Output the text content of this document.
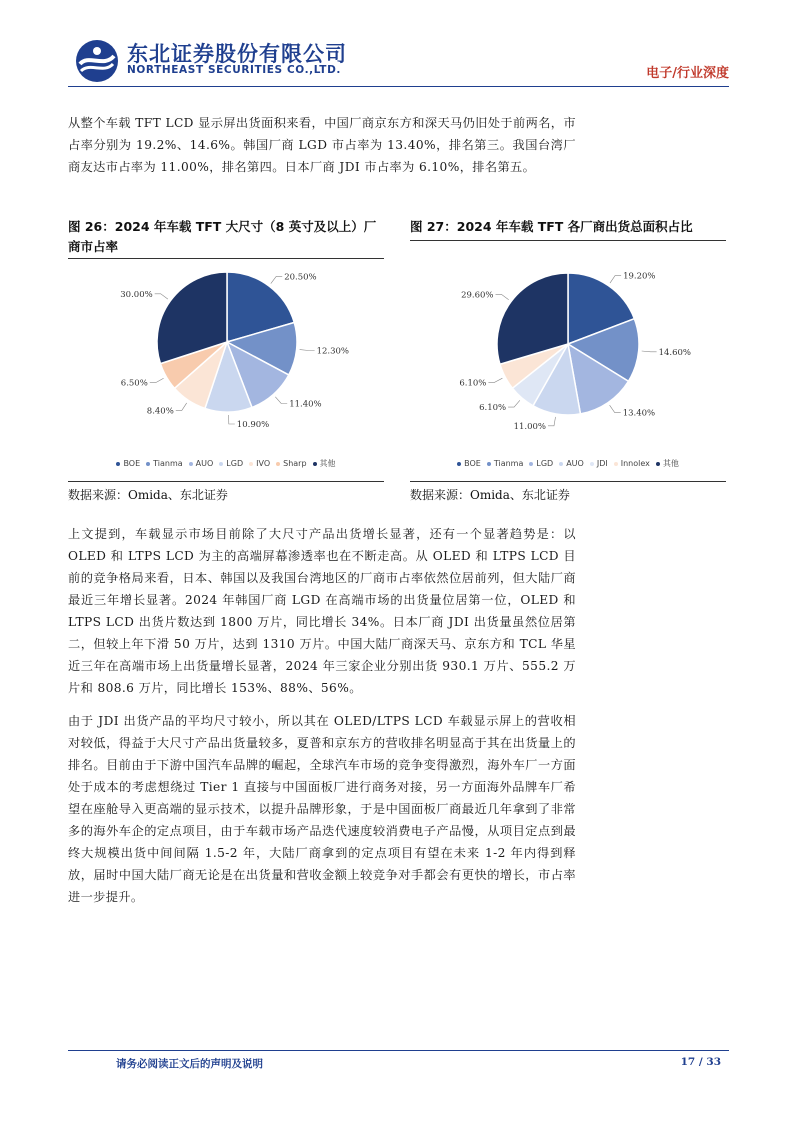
东北证券股份有限公司
NORTHEAST SECURITIES CO.,LTD.	电子/行业深度

从整个车载 TFT LCD 显示屏出货面积来看，中国厂商京东方和深天马仍旧处于前两名，市占率分别为 19.2%、14.6%。韩国厂商 LGD 市占率为 13.40%，排名第三。我国台湾厂商友达市占率为 11.00%，排名第四。日本厂商 JDI 市占率为 6.10%，排名第五。

图 26：2024 年车载 TFT 大尺寸（8 英寸及以上）厂商市占率

图 27：2024 年车载 TFT 各厂商出货总面积占比

20.50%
12.30%
11.40%
10.90%
8.40%
6.50%
30.00%
BOE Tianma AUO LGD IVO Sharp 其他
19.20%
14.60%
13.40%
11.00%
6.10%
6.10%
29.60%
BOE Tianma LGD AUO JDI Innolex 其他
数据来源：Omida、东北证券	数据来源：Omida、东北证券

上文提到，车载显示市场目前除了大尺寸产品出货增长显著，还有一个显著趋势是：以 OLED 和 LTPS LCD 为主的高端屏幕渗透率也在不断走高。从 OLED 和 LTPS LCD 目前的竞争格局来看，日本、韩国以及我国台湾地区的厂商市占率依然位居前列，但大陆厂商最近三年增长显著。2024 年韩国厂商 LGD 在高端市场的出货量位居第一位，OLED 和 LTPS LCD 出货片数达到 1800 万片，同比增长 34%。日本厂商 JDI 出货量虽然位居第二，但较上年下滑 50 万片，达到 1310 万片。中国大陆厂商深天马、京东方和 TCL 华星近三年在高端市场上出货量增长显著，2024 年三家企业分别出货 930.1 万片、555.2 万片和 808.6 万片，同比增长 153%、88%、56%。

由于 JDI 出货产品的平均尺寸较小，所以其在 OLED/LTPS LCD 车载显示屏上的营收相对较低，得益于大尺寸产品出货量较多，夏普和京东方的营收排名明显高于其在出货量上的排名。目前由于下游中国汽车品牌的崛起，全球汽车市场的竞争变得激烈，海外车厂一方面处于成本的考虑想绕过 Tier 1 直接与中国面板厂进行商务对接，另一方面海外品牌车厂希望在座舱导入更高端的显示技术，以提升品牌形象，于是中国面板厂商最近几年拿到了非常多的海外车企的定点项目，由于车载市场产品迭代速度较消费电子产品慢，从项目定点到最终大规模出货中间间隔 1.5-2 年，大陆厂商拿到的定点项目有望在未来 1-2 年内得到释放，届时中国大陆厂商无论是在出货量和营收金额上较竞争对手都会有更快的增长，市占率进一步提升。

请务必阅读正文后的声明及说明	17 / 33
